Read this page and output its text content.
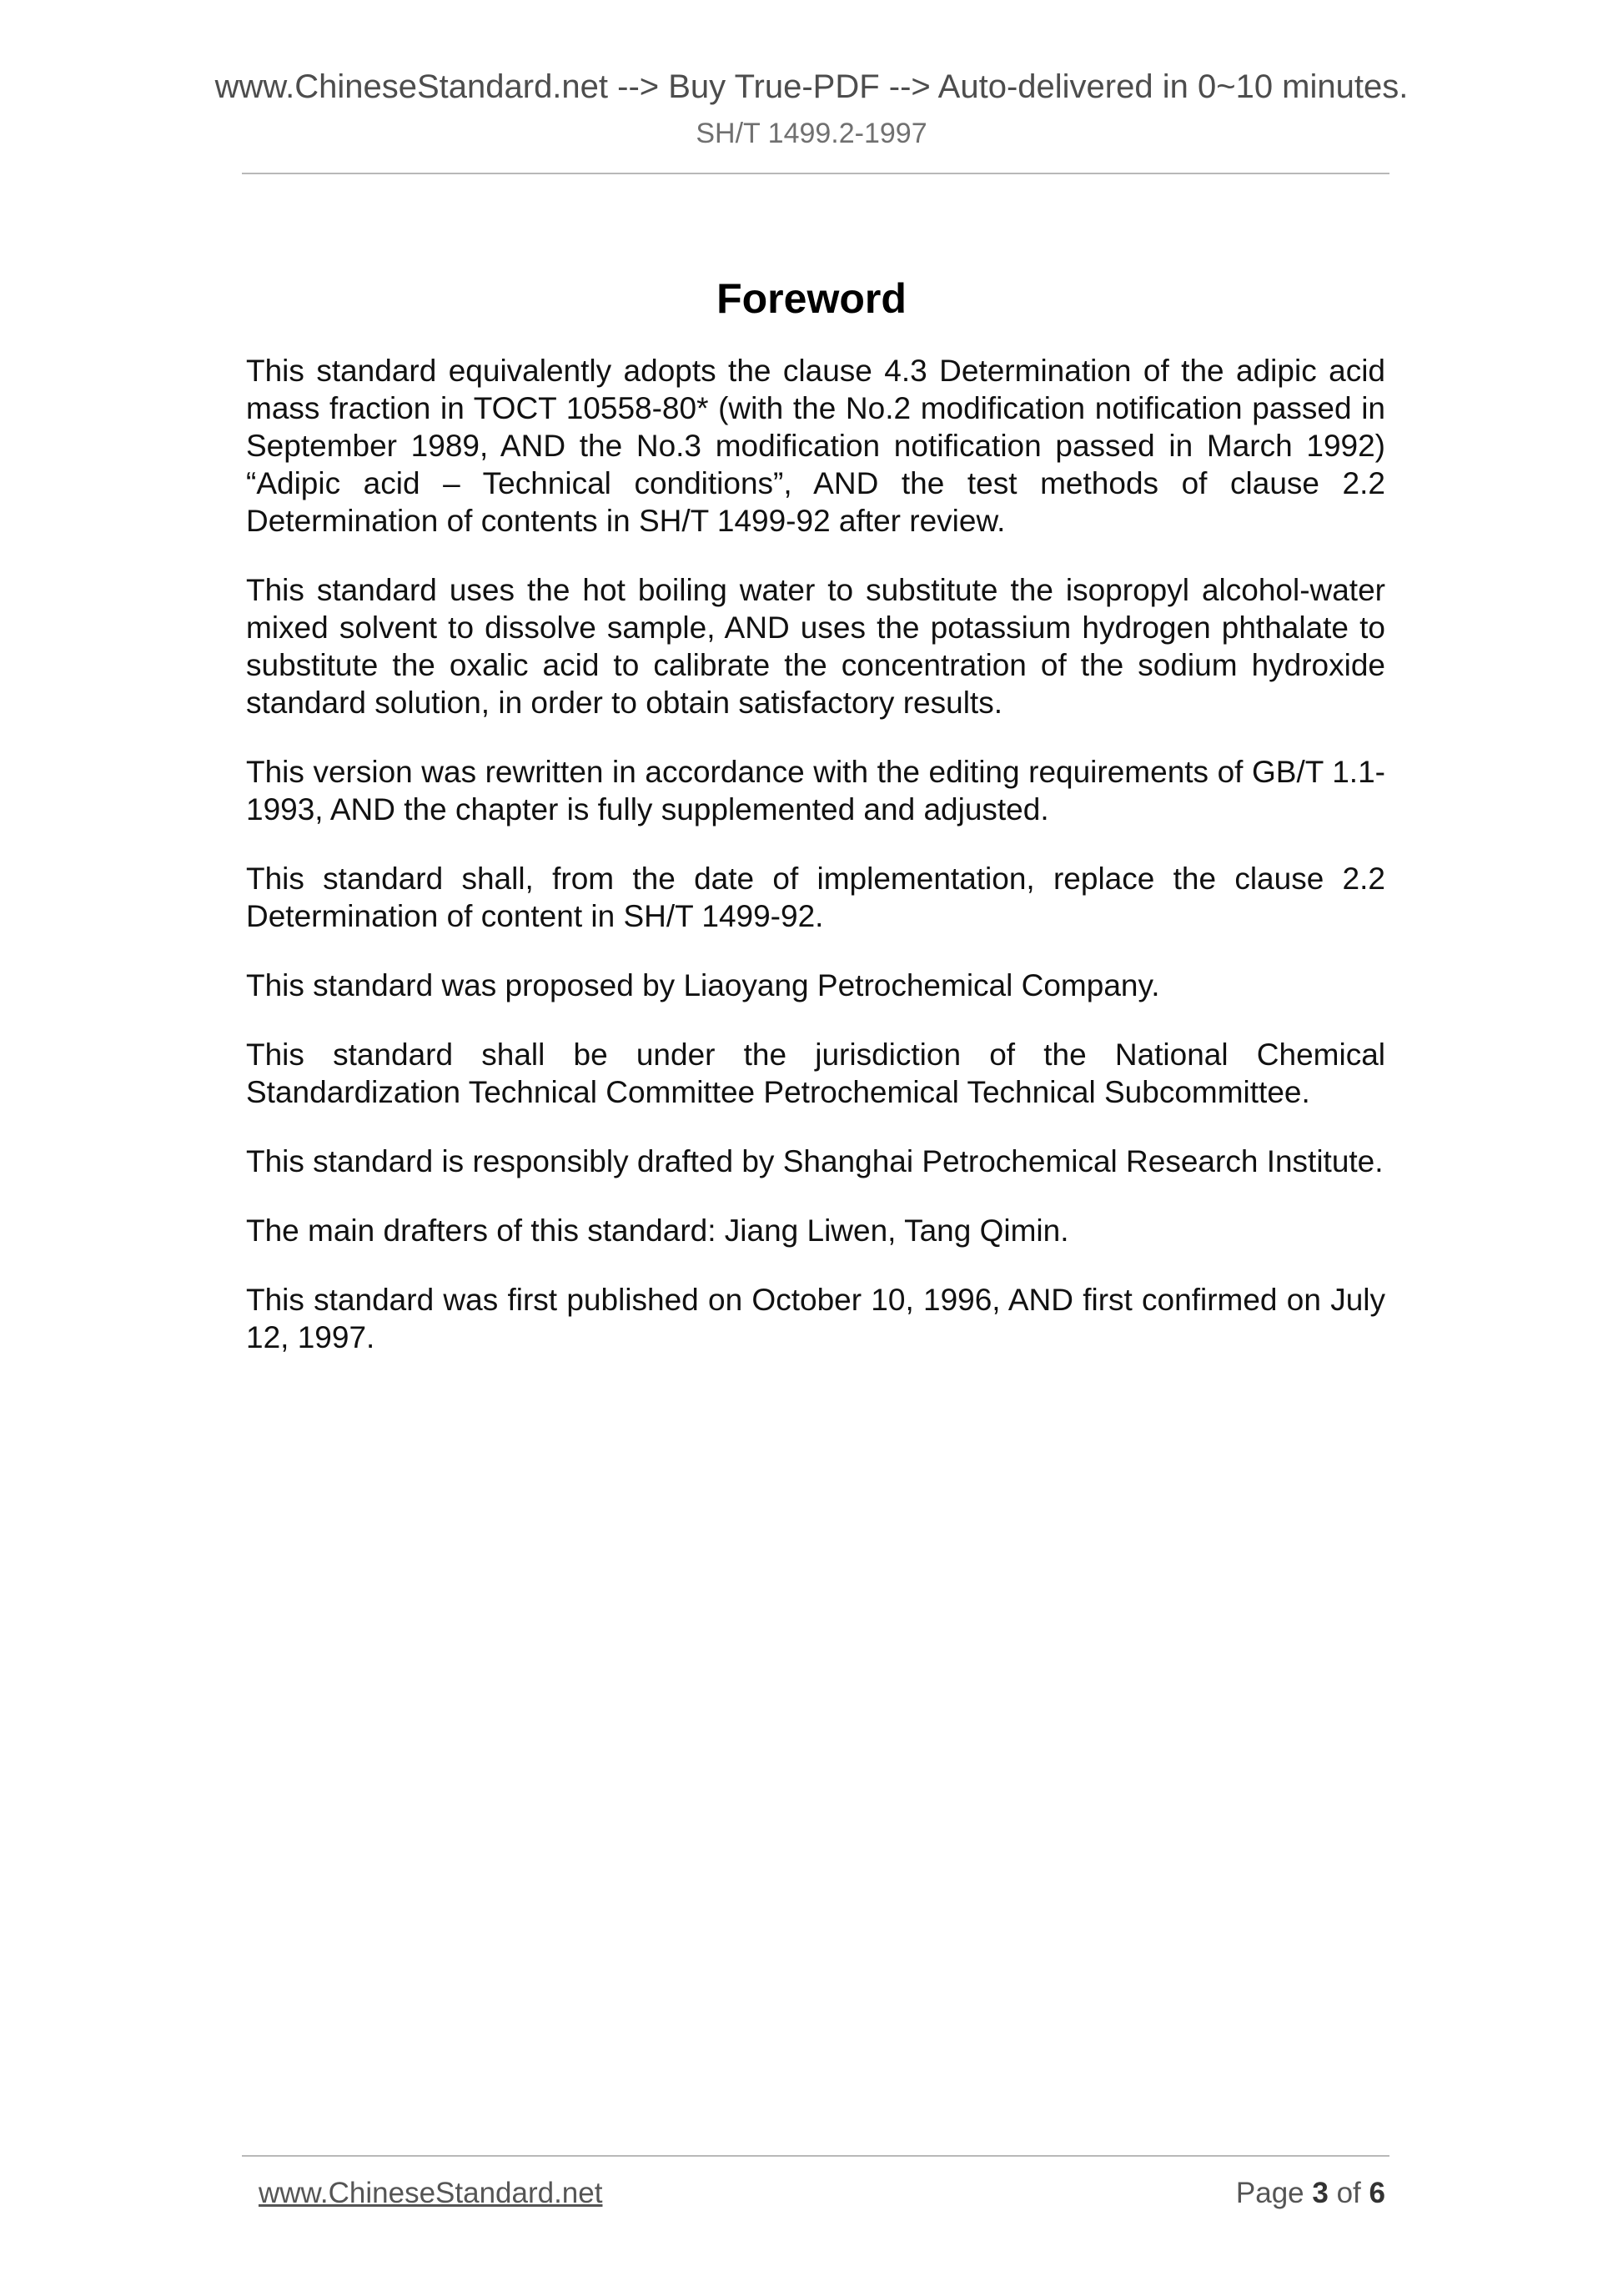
www.ChineseStandard.net --> Buy True-PDF --> Auto-delivered in 0~10 minutes.
SH/T 1499.2-1997
Foreword

This standard equivalently adopts the clause 4.3 Determination of the adipic acid mass fraction in TOCT 10558-80* (with the No.2 modification notification passed in September 1989, AND the No.3 modification notification passed in March 1992) “Adipic acid – Technical conditions”, AND the test methods of clause 2.2 Determination of contents in SH/T 1499-92 after review.

This standard uses the hot boiling water to substitute the isopropyl alcohol-water mixed solvent to dissolve sample, AND uses the potassium hydrogen phthalate to substitute the oxalic acid to calibrate the concentration of the sodium hydroxide standard solution, in order to obtain satisfactory results.

This version was rewritten in accordance with the editing requirements of GB/T 1.1-1993, AND the chapter is fully supplemented and adjusted.

This standard shall, from the date of implementation, replace the clause 2.2 Determination of content in SH/T 1499-92.

This standard was proposed by Liaoyang Petrochemical Company.

This standard shall be under the jurisdiction of the National Chemical Standardization Technical Committee Petrochemical Technical Subcommittee.

This standard is responsibly drafted by Shanghai Petrochemical Research Institute.

The main drafters of this standard: Jiang Liwen, Tang Qimin.

This standard was first published on October 10, 1996, AND first confirmed on July 12, 1997.

www.ChineseStandard.net	Page 3 of 6
